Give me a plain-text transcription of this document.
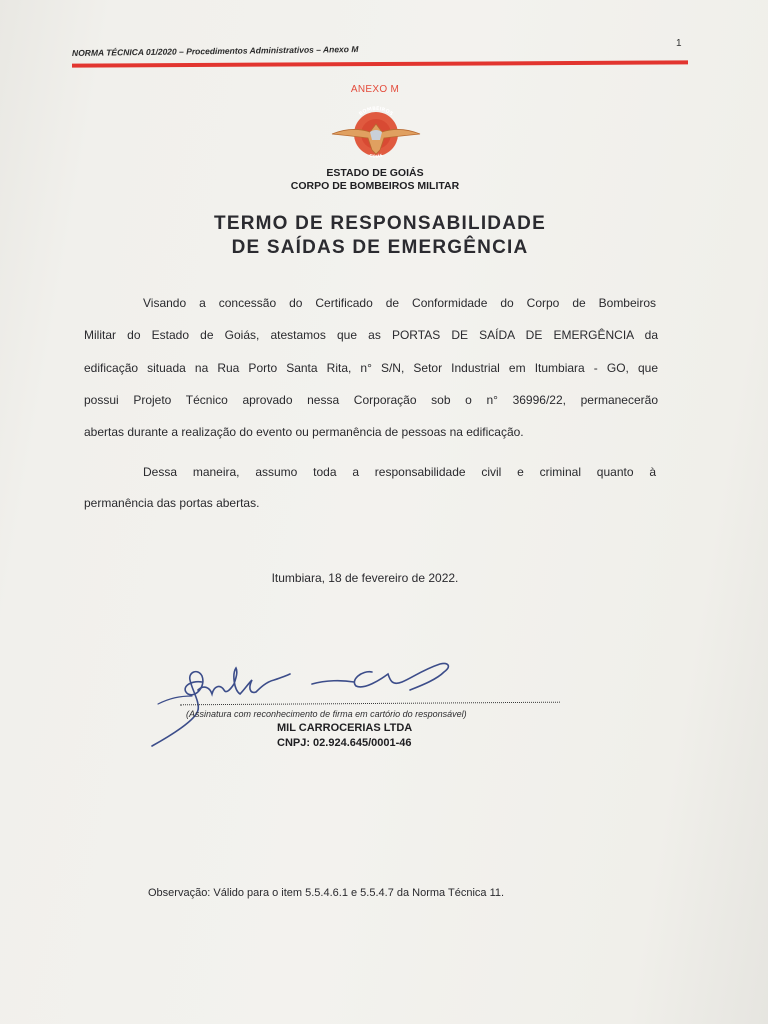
NORMA TÉCNICA 01/2020 – Procedimentos Administrativos – Anexo M
1
ANEXO M
BOMBEIROS
GOIÁS
ESTADO DE GOIÁS
CORPO DE BOMBEIROS MILITAR
TERMO DE RESPONSABILIDADE
DE SAÍDAS DE EMERGÊNCIA
Visando a concessão do Certificado de Conformidade do Corpo de Bombeiros
Militar do Estado de Goiás, atestamos que as PORTAS DE SAÍDA DE EMERGÊNCIA da
edificação situada na Rua Porto Santa Rita, n° S/N, Setor Industrial em Itumbiara - GO, que
possui Projeto Técnico aprovado nessa Corporação sob o n° 36996/22, permanecerão
abertas durante a realização do evento ou permanência de pessoas na edificação.
Dessa maneira, assumo toda a responsabilidade civil e criminal quanto à
permanência das portas abertas.
Itumbiara, 18 de fevereiro de 2022.
(Assinatura com reconhecimento de firma em cartório do responsável)
MIL CARROCERIAS LTDA
CNPJ: 02.924.645/0001-46
Observação: Válido para o item 5.5.4.6.1 e 5.5.4.7 da Norma Técnica 11.
